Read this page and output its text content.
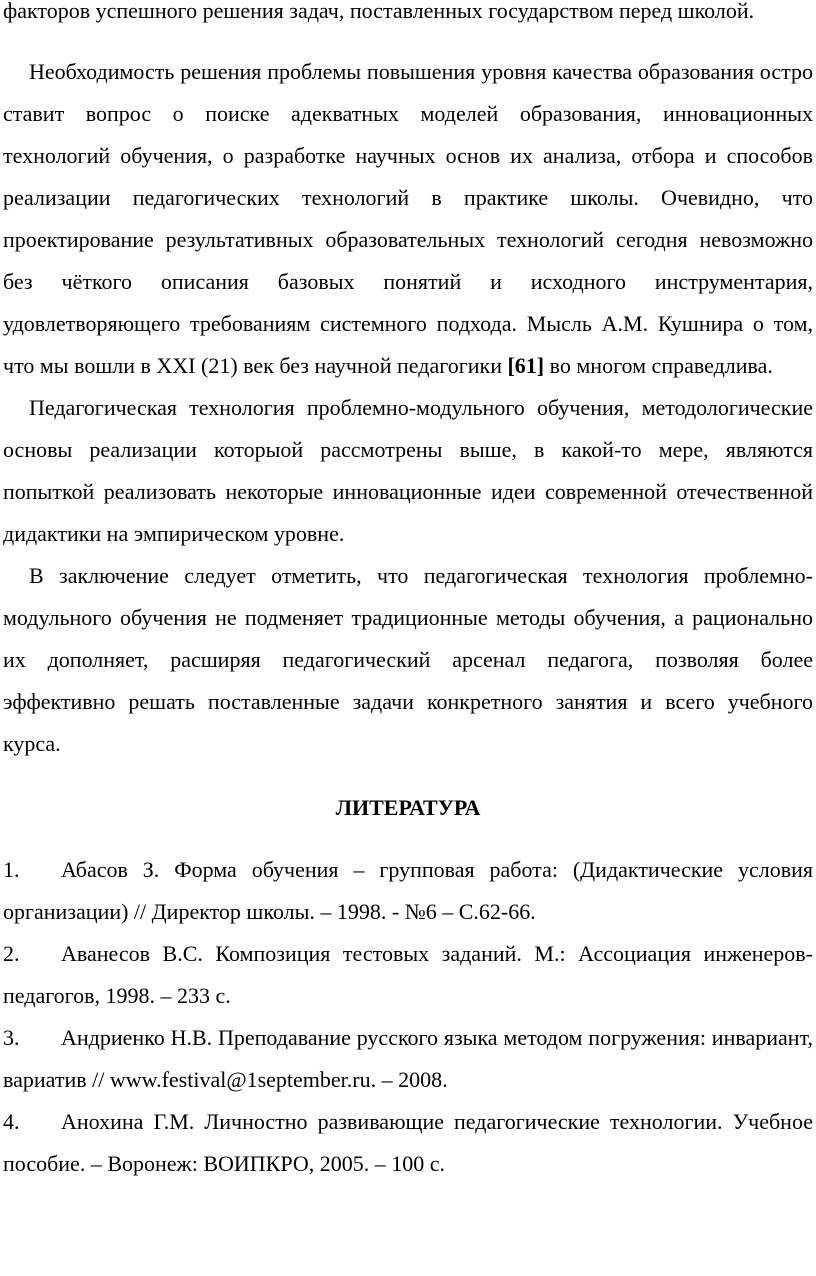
факторов успешного решения задач, поставленных государством перед школой.

Необходимость решения проблемы повышения уровня качества образования остро ставит вопрос о поиске адекватных моделей образования, инновационных технологий обучения, о разработке научных основ их анализа, отбора и способов реализации педагогических технологий в практике школы. Очевидно, что проектирование результативных образовательных технологий сегодня невозможно без чёткого описания базовых понятий и исходного инструментария, удовлетворяющего требованиям системного подхода. Мысль А.М. Кушнира о том, что мы вошли в XXI (21) век без научной педагогики [61] во многом справедлива.

Педагогическая технология проблемно-модульного обучения, методологические основы реализации которыой рассмотрены выше, в какой-то мере, являются попыткой реализовать некоторые инновационные идеи современной отечественной дидактики на эмпирическом уровне.

В заключение следует отметить, что педагогическая технология проблемно-модульного обучения не подменяет традиционные методы обучения, а рационально их дополняет, расширяя педагогический арсенал педагога, позволяя более эффективно решать поставленные задачи конкретного занятия и всего учебного курса.

ЛИТЕРАТУРА

1. Абасов З. Форма обучения – групповая работа: (Дидактические условия организации) // Директор школы. – 1998. - №6 – С.62-66.

2. Аванесов В.С. Композиция тестовых заданий. М.: Ассоциация инженеров-педагогов, 1998. – 233 с.

3. Андриенко Н.В. Преподавание русского языка методом погружения: инвариант, вариатив // www.festival@1september.ru. – 2008.

4. Анохина Г.М. Личностно развивающие педагогические технологии. Учебное пособие. – Воронеж: ВОИПКРО, 2005. – 100 с.
